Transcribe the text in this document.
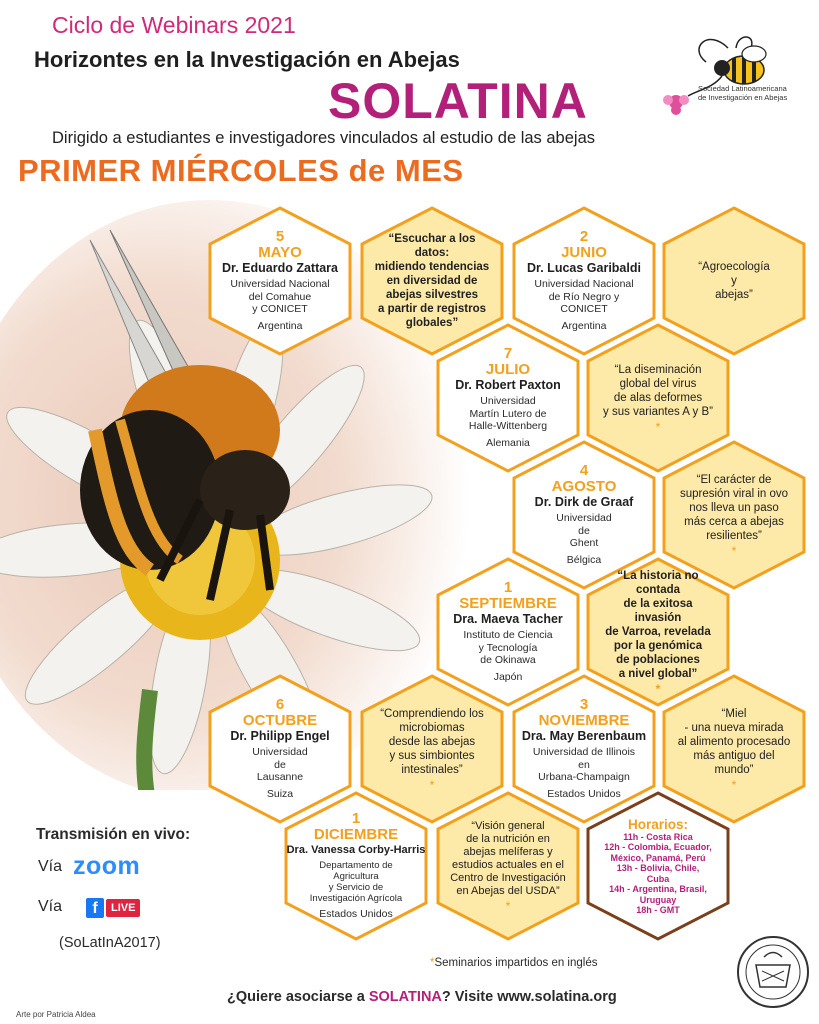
Ciclo de Webinars 2021
Horizontes en la Investigación en Abejas
SOLATINA
Dirigido a estudiantes e investigadores vinculados al estudio de las abejas
PRIMER MIÉRCOLES de MES
Sociedad Latinoamericana
de Investigación en Abejas
5
MAYO
Dr. Eduardo Zattara
Universidad Nacional
del Comahue
y CONICET
Argentina
“Escuchar a los datos:
midiendo tendencias
en diversidad de
abejas silvestres
a partir de registros
globales”
2
JUNIO
Dr. Lucas Garibaldi
Universidad Nacional
de Río Negro y
CONICET
Argentina
“Agroecología
y
abejas”
7
JULIO
Dr. Robert Paxton
Universidad
Martín Lutero de
Halle-Wittenberg
Alemania
“La diseminación
global del virus
de alas deformes
y sus variantes A y B”
*
4
AGOSTO
Dr. Dirk de Graaf
Universidad
de
Ghent
Bélgica
“El carácter de
supresión viral in ovo
nos lleva un paso
más cerca a abejas
resilientes”
*
1
SEPTIEMBRE
Dra. Maeva Tacher
Instituto de Ciencia
y Tecnología
de Okinawa
Japón
“La historia no contada
de la exitosa invasión
de Varroa, revelada
por la genómica
de poblaciones
a nivel global”
*
6
OCTUBRE
Dr. Philipp Engel
Universidad
de
Lausanne
Suiza
“Comprendiendo los
microbiomas
desde las abejas
y sus simbiontes
intestinales”
*
3
NOVIEMBRE
Dra. May Berenbaum
Universidad de Illinois
en
Urbana-Champaign
Estados Unidos
“Miel
- una nueva mirada
al alimento procesado
más antiguo del
mundo”
*
1
DICIEMBRE
Dra. Vanessa Corby-Harris
Departamento de Agricultura
y Servicio de
Investigación Agrícola
Estados Unidos
“Visión general
de la nutrición en
abejas melíferas y
estudios actuales en el
Centro de Investigación
en Abejas del USDA”
*
Horarios:
11h - Costa Rica
12h - Colombia, Ecuador,
México, Panamá, Perú
13h - Bolivia, Chile,
Cuba
14h - Argentina, Brasil,
Uruguay
18h - GMT
Transmisión en vivo:
Vía zoom
Vía	f	LIVE
(SoLatInA2017)
*Seminarios impartidos en inglés
¿Quiere asociarse a SOLATINA? Visite www.solatina.org
Arte por Patricia Aldea
